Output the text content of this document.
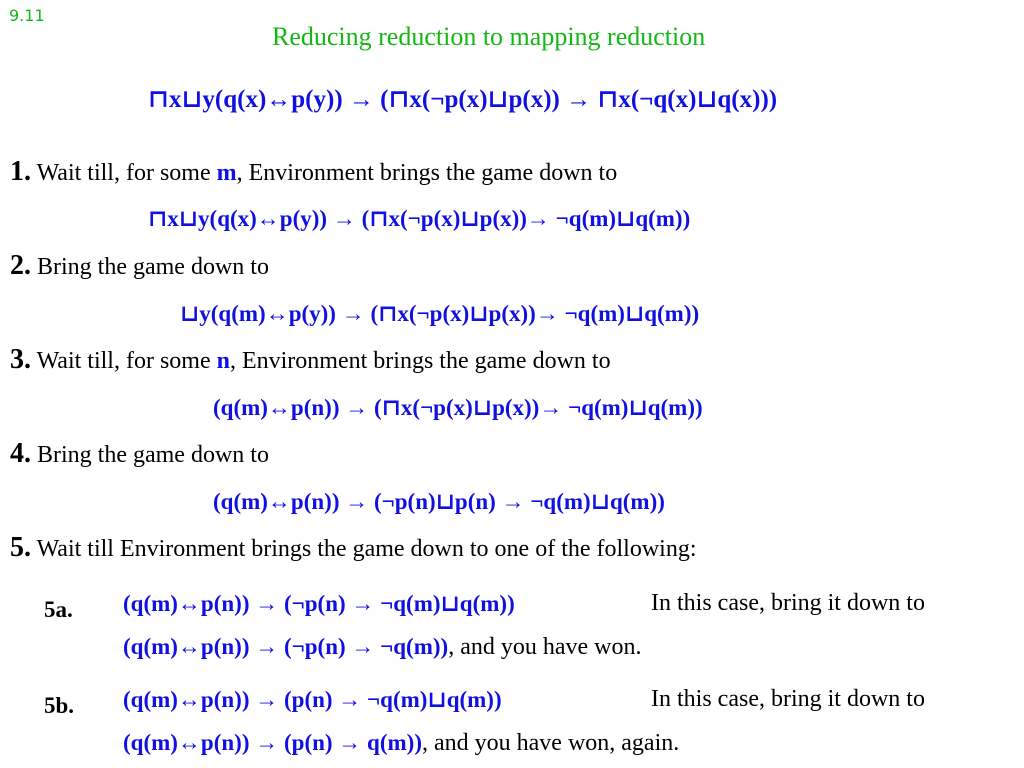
9.11
Reducing reduction to mapping reduction
⊓x⊔y(q(x)↔p(y)) → (⊓x(¬p(x)⊔p(x)) → ⊓x(¬q(x)⊔q(x)))
1. Wait till, for some m, Environment brings the game down to
⊓x⊔y(q(x)↔p(y)) → (⊓x(¬p(x)⊔p(x))→ ¬q(m)⊔q(m))
2. Bring the game down to
⊔y(q(m)↔p(y)) → (⊓x(¬p(x)⊔p(x))→ ¬q(m)⊔q(m))
3. Wait till, for some n, Environment brings the game down to
(q(m)↔p(n)) → (⊓x(¬p(x)⊔p(x))→ ¬q(m)⊔q(m))
4. Bring the game down to
(q(m)↔p(n)) → (¬p(n)⊔p(n) → ¬q(m)⊔q(m))
5. Wait till Environment brings the game down to one of the following:
5a. (q(m)↔p(n)) → (¬p(n) → ¬q(m)⊔q(m))	In this case, bring it down to
(q(m)↔p(n)) → (¬p(n) → ¬q(m)), and you have won.
5b. (q(m)↔p(n)) → (p(n) → ¬q(m)⊔q(m))	In this case, bring it down to
(q(m)↔p(n)) → (p(n) → q(m)), and you have won, again.
